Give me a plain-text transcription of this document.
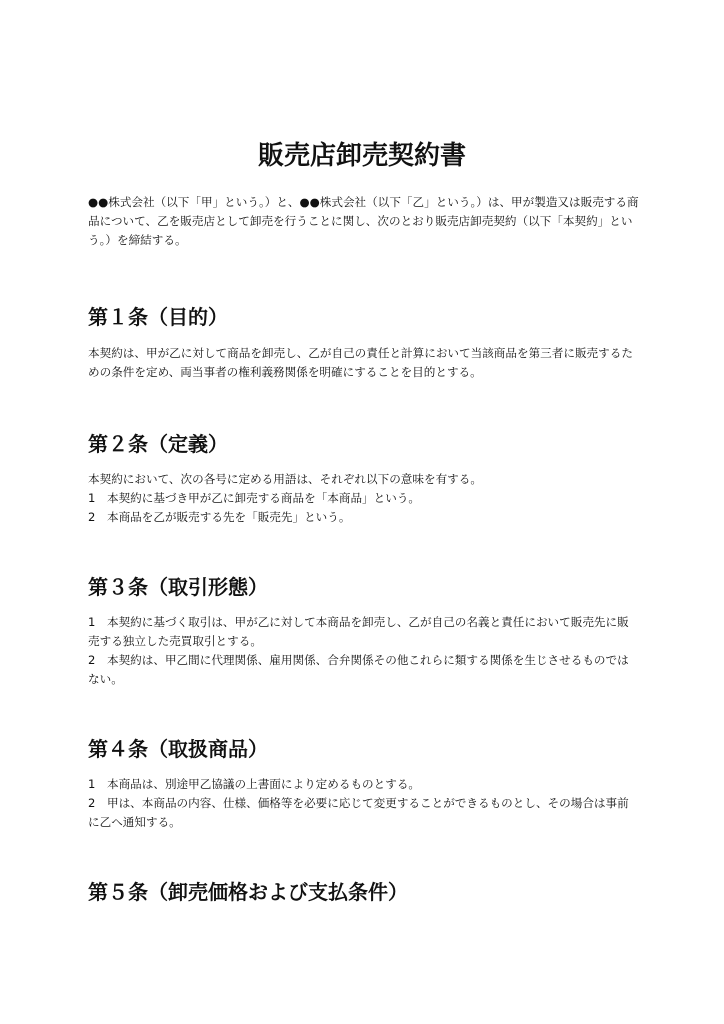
販売店卸売契約書

●●株式会社（以下「甲」という。）と、●●株式会社（以下「乙」という。）は、甲が製造又は販売する商品について、乙を販売店として卸売を行うことに関し、次のとおり販売店卸売契約（以下「本契約」という。）を締結する。

第１条（目的）

本契約は、甲が乙に対して商品を卸売し、乙が自己の責任と計算において当該商品を第三者に販売するための条件を定め、両当事者の権利義務関係を明確にすることを目的とする。

第２条（定義）

本契約において、次の各号に定める用語は、それぞれ以下の意味を有する。

1　本契約に基づき甲が乙に卸売する商品を「本商品」という。

2　本商品を乙が販売する先を「販売先」という。

第３条（取引形態）

1　本契約に基づく取引は、甲が乙に対して本商品を卸売し、乙が自己の名義と責任において販売先に販売する独立した売買取引とする。

2　本契約は、甲乙間に代理関係、雇用関係、合弁関係その他これらに類する関係を生じさせるものではない。

第４条（取扱商品）

1　本商品は、別途甲乙協議の上書面により定めるものとする。

2　甲は、本商品の内容、仕様、価格等を必要に応じて変更することができるものとし、その場合は事前に乙へ通知する。

第５条（卸売価格および支払条件）
